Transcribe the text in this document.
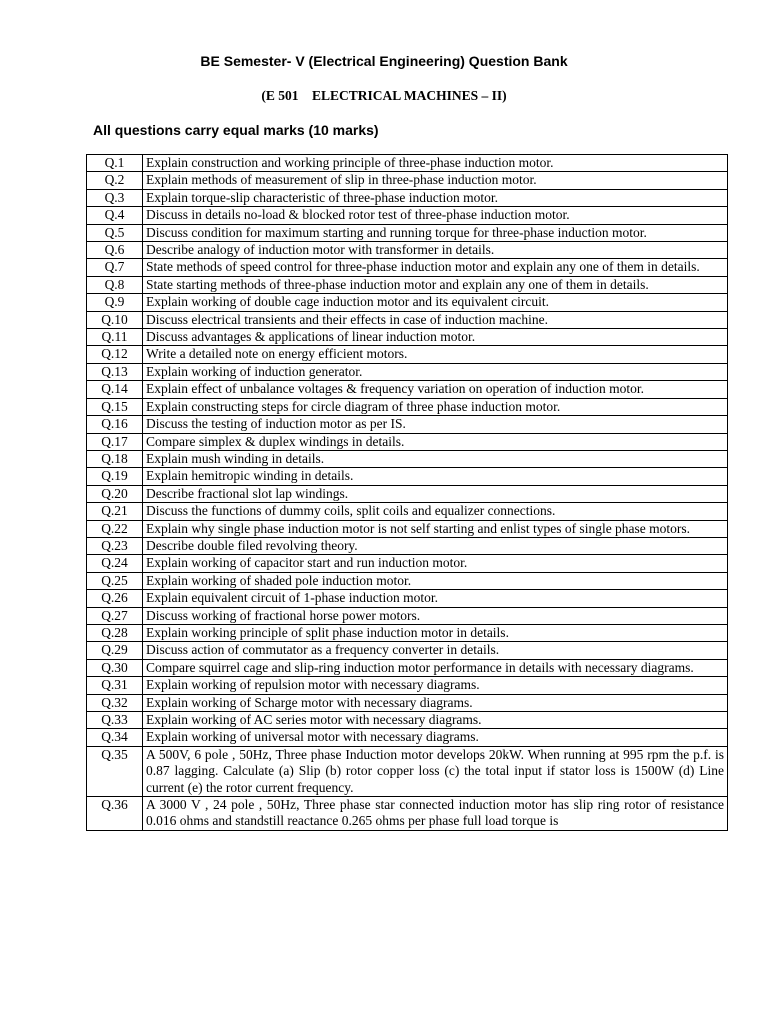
BE Semester- V (Electrical Engineering) Question Bank
(E 501    ELECTRICAL MACHINES – II)
All questions carry equal marks (10 marks)
Q.1	Explain construction and working principle of three-phase induction motor.
Q.2	Explain methods of measurement of slip in three-phase induction motor.
Q.3	Explain torque-slip characteristic of three-phase induction motor.
Q.4	Discuss in details no-load & blocked rotor test of three-phase induction motor.
Q.5	Discuss condition for maximum starting and running torque for three-phase induction motor.
Q.6	Describe analogy of induction motor with transformer in details.
Q.7	State methods of speed control for three-phase induction motor and explain any one of them in details.
Q.8	State starting methods of three-phase induction motor and explain any one of them in details.
Q.9	Explain working of double cage induction motor and its equivalent circuit.
Q.10	Discuss electrical transients and their effects in case of induction machine.
Q.11	Discuss advantages & applications of linear induction motor.
Q.12	Write a detailed note on energy efficient motors.
Q.13	Explain working of induction generator.
Q.14	Explain effect of unbalance voltages & frequency variation on operation of induction motor.
Q.15	Explain constructing steps for circle diagram of three phase induction motor.
Q.16	Discuss the testing of induction motor as per IS.
Q.17	Compare simplex & duplex windings in details.
Q.18	Explain mush winding in details.
Q.19	Explain hemitropic winding in details.
Q.20	Describe fractional slot lap windings.
Q.21	Discuss the functions of dummy coils, split coils and equalizer connections.
Q.22	Explain why single phase induction motor is not self starting and enlist types of single phase motors.
Q.23	Describe double filed revolving theory.
Q.24	Explain working of capacitor start and run induction motor.
Q.25	Explain working of shaded pole induction motor.
Q.26	Explain equivalent circuit of 1-phase induction motor.
Q.27	Discuss working of fractional horse power motors.
Q.28	Explain working principle of split phase induction motor in details.
Q.29	Discuss action of commutator as a frequency converter in details.
Q.30	Compare squirrel cage and slip-ring induction motor performance in details with necessary diagrams.
Q.31	Explain working of repulsion motor with necessary diagrams.
Q.32	Explain working of Scharge motor with necessary diagrams.
Q.33	Explain working of AC series motor with necessary diagrams.
Q.34	Explain working of universal motor with necessary diagrams.
Q.35	A 500V, 6 pole , 50Hz, Three phase Induction motor develops 20kW. When running at 995 rpm the p.f. is 0.87 lagging. Calculate (a) Slip (b) rotor copper loss (c) the total input if stator loss is 1500W (d) Line current (e) the rotor current frequency.
Q.36	A 3000 V , 24 pole , 50Hz, Three phase star connected induction motor has slip ring rotor of resistance 0.016 ohms and standstill reactance 0.265 ohms per phase full load torque is
